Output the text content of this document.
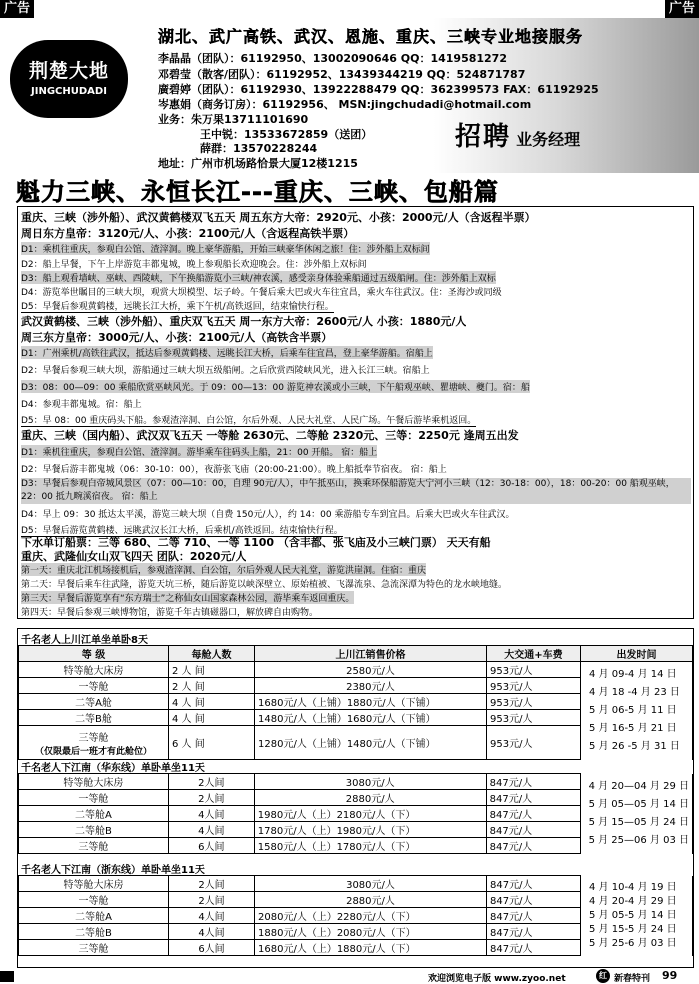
广告	广告
荆楚大地
JINGCHUDADI
湖北、武广高铁、武汉、恩施、重庆、三峡专业地接服务
李晶晶（团队）：61192950、13002090646 QQ：1419581272
邓碧莹（散客/团队）：61192952、13439344219 QQ：524871787
廣碧婷（团队）：61192930、13922288479 QQ：362399573 FAX：61192925
岑惠娟（商务订房）：61192956、 MSN:jingchudadi@hotmail.com
业务：朱万果13711101690
王中锐：13533672859（送团）
薛群：13570228244
地址：广州市机场路恰景大厦12楼1215
招聘 业务经理
魁力三峡、永恒长江---重庆、三峡、包船篇
重庆、三峡（涉外船）、武汉黄鹤楼双飞五天 周五东方大帝：2920元、小孩：2000元/人（含返程半票）
周日东方皇帝：3120元/人、小孩：2100元/人（含返程高铁半票）
D1：乘机往重庆，参观白公馆、渣滓洞。晚上豪华游船，开始三峡豪华休闲之旅！住：涉外船上双标间
D2：船上早餐，下午上岸游览丰都鬼城，晚上参观船长欢迎晚会。住：涉外船上双标间
D3：船上观看墙峡、巫峡、西陵峡，下午换船游览小三峡/神农溪，感受亲身体验乘船通过五级船闸。住：涉外船上双标
D4：游览举世瞩目的三峡大坝，观赏大坝模型、坛子岭。午餐后乘大巴或火车往宜昌，乘火车往武汉。住：圣海沙或同级
D5：早餐后参观黄鹤楼，远眺长江大桥，乘下午机/高铁返回，结束愉快行程。
武汉黄鹤楼、三峡（涉外船）、重庆双飞五天 周一东方大帝：2600元/人 小孩：1880元/人
周三东方皇帝：3000元/人、小孩：2100元/人（高铁含半票）
D1：广州乘机/高铁往武汉，抵达后参观黄鹤楼、远眺长江大桥，后乘车往宜昌，登上豪华游船。宿船上
D2：早餐后参观三峡大坝，游船通过三峡大坝五级船闸。之后欣赏西陵峡风光，进入长江三峡。宿船上
D3：08：00—09：00 乘船欣赏巫峡风光。于 09：00—13：00 游览神农溪或小三峡，下午船观巫峡、瞿塘峡、夔门。宿：船
D4：参观丰都鬼城。宿：船上
D5：早 08：00 重庆码头下船。参观渣滓洞、白公馆，尔后外观、人民大礼堂、人民广场。午餐后游毕乘机返回。
重庆、三峡（国内船）、武汉双飞五天 一等舱 2630元、二等舱 2320元、三等：2250元 逢周五出发
D1：乘机往重庆，参观白公馆、渣滓洞。游毕乘车往码头上船，21：00 开船。 宿：船上
D2：早餐后游丰都鬼城（06：30-10：00），夜游张飞庙（20:00-21:00）。晚上船抵奉节宿夜。 宿：船上
D3：早餐后参观白帝城风景区（07：00—10：00，自理 90元/人），中午抵巫山，换乘环保船游览大宁河小三峡（12：30-18：00），18：00-20：00 船观巫峡，22：00 抵九畹溪宿夜。 宿：船上
D4：早上 09：30 抵达太平溪，游览三峡大坝（自费 150元/人），约 14：00 乘游船专车到宜昌。后乘大巴或火车往武汉。
D5：早餐后游览黄鹤楼、远眺武汉长江大桥，后乘机/高铁返回。结束愉快行程。
下水单订船票：三等 680、二等 710、一等 1100 （含丰都、张飞庙及小三峡门票） 天天有船
重庆、武隆仙女山双飞四天 团队：2020元/人
第一天：重庆北江机场接机后，参观渣滓洞、白公馆，尔后外观人民大礼堂，游览洪崖洞。住宿：重庆
第二天：早餐后乘车往武隆，游览天坑三桥，随后游览以峡深壁立、原始植被、飞瀑流泉、急流深潭为特色的龙水峡地缝。
第三天：早餐后游览享有“东方瑞士”之称仙女山国家森林公园，游毕乘车返回重庆。
第四天：早餐后参观三峡博物馆，游览千年古镇磁器口，解放碑自由购物。
千名老人上川江单坐单卧8天
等 级	每舱人数	上川江销售价格	大交通+车费	出发时间
特等舱大床房	2 人 间	2580元/人	953元/人	4 月 09-4 月 14 日
4 月 18 -4 月 23 日
5 月 06-5 月 11 日
5 月 16-5 月 21 日
5 月 26 -5 月 31 日

一等舱	2 人 间	2380元/人	953元/人	
二等A舱	4 人 间	1680元/人（上铺）1880元/人（下铺）	953元/人	
二等B舱	4 人 间	1480元/人（上铺）1680元/人（下铺）	953元/人	

三等舱
（仅限最后一班才有此舱位）	6 人 间	1280元/人（上铺）1480元/人（下铺）	953元/人	
千名老人下江南（华东线）单卧单坐11天
特等舱大床房	2人间	3080元/人	847元/人	4 月 20—04 月 29 日
5 月 05—05 月 14 日
5 月 15—05 月 24 日
5 月 25—06 月 03 日

一等舱	2人间	2880元/人	847元/人	
二等舱A	4人间	1980元/人（上）2180元/人（下）	847元/人	
二等舱B	4人间	1780元/人（上）1980元/人（下）	847元/人	
三等舱	6人间	1580元/人（上）1780元/人（下）	847元/人	
千名老人下江南（浙东线）单卧单坐11天
特等舱大床房	2人间	3080元/人	847元/人	4 月 10-4 月 19 日
4 月 20-4 月 29 日
5 月 05-5 月 14 日
5 月 15-5 月 24 日
5 月 25-6 月 03 日

一等舱	2人间	2880元/人	847元/人	
二等舱A	4人间	2080元/人（上）2280元/人（下）	847元/人	
二等舱B	4人间	1880元/人（上）2080元/人（下）	847元/人	
三等舱	6人间	1680元/人（上）1880元/人（下）	847元/人	
欢迎浏览电子版 www.zyoo.net	红 新春特刊 99
